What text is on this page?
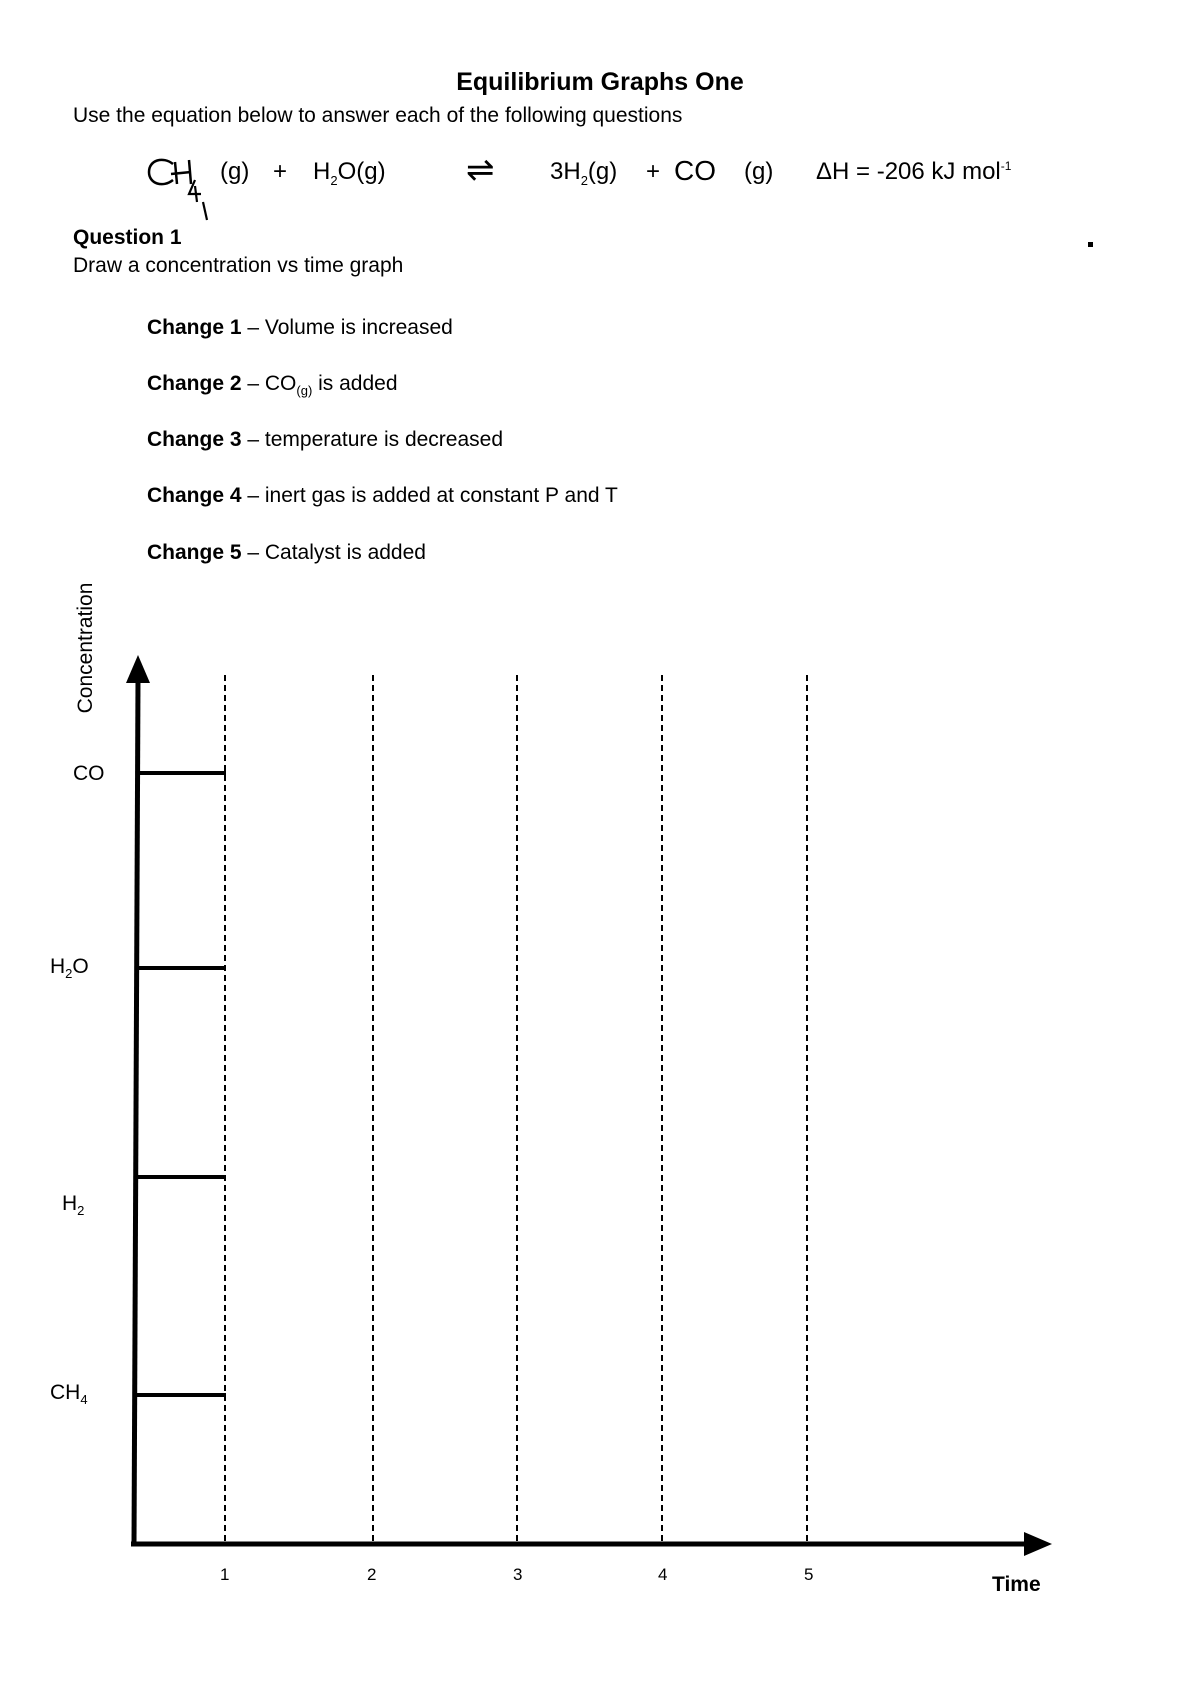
Equilibrium Graphs One
Use the equation below to answer each of the following questions
$(g) + H_2O(g)$ ⇌ $3H_2(g)$ + CO (g) ΔH = -206 kJ mol$^{-1}$
Question 1
Draw a concentration vs time graph
Change 1 – Volume is increased
Change $2 - CO_{(g)}$ is added
Change 3 – temperature is decreased
Change 4 – inert gas is added at constant P and T
Change 5 – Catalyst is added
Concentration
Time
1	2	3	4	5
CO
$H_2O$
$H_2$
$CH_4$
